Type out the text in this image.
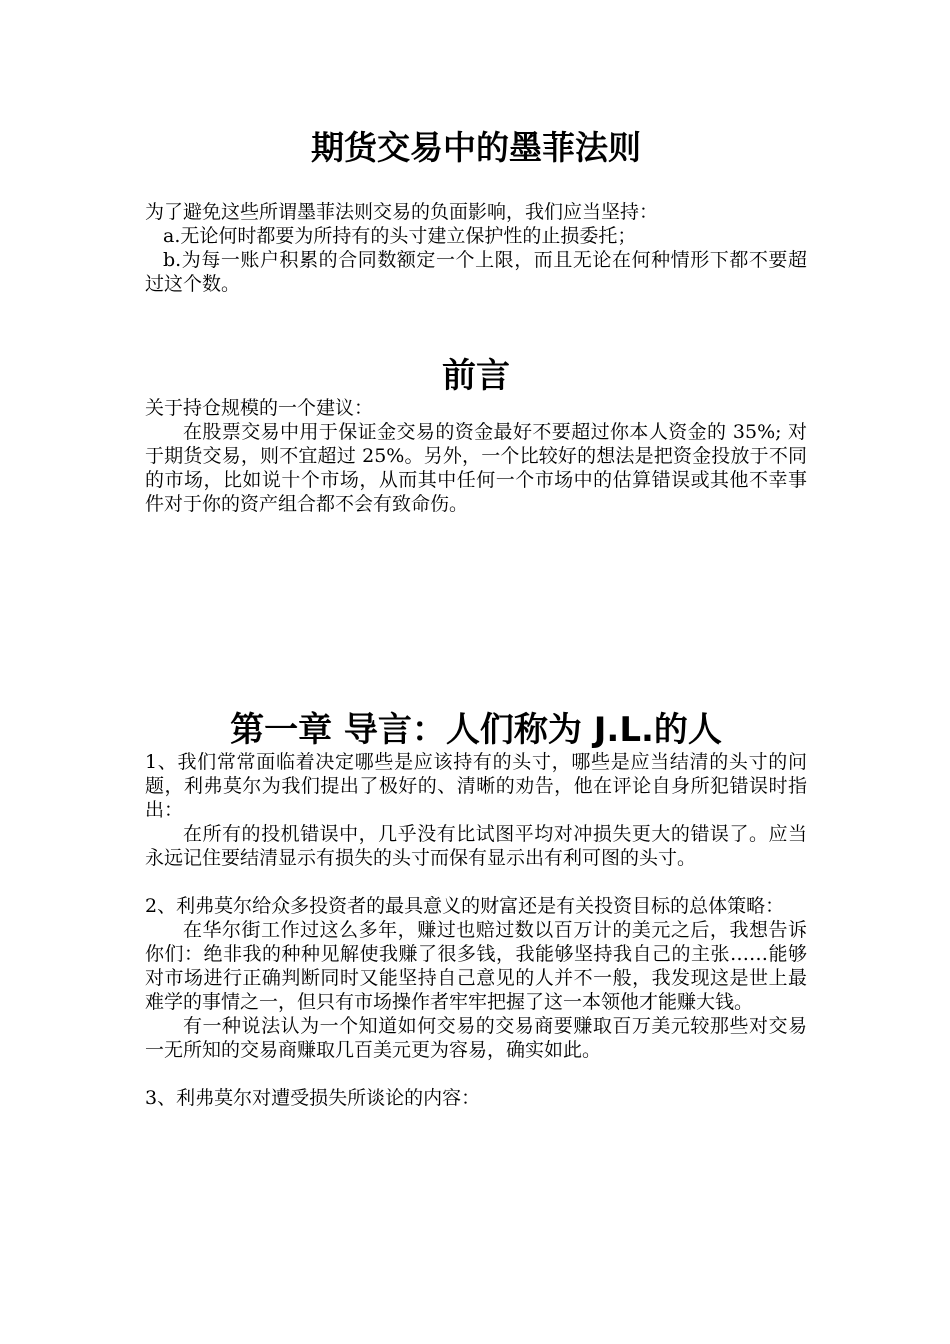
期货交易中的墨菲法则

为了避免这些所谓墨菲法则交易的负面影响，我们应当坚持：

a.无论何时都要为所持有的头寸建立保护性的止损委托；

b.为每一账户积累的合同数额定一个上限，而且无论在何种情形下都不要超过这个数。

前言

关于持仓规模的一个建议：

在股票交易中用于保证金交易的资金最好不要超过你本人资金的 35%; 对于期货交易，则不宜超过 25%。另外，一个比较好的想法是把资金投放于不同的市场，比如说十个市场，从而其中任何一个市场中的估算错误或其他不幸事件对于你的资产组合都不会有致命伤。

第一章 导言：人们称为 J.L.的人

1、我们常常面临着决定哪些是应该持有的头寸，哪些是应当结清的头寸的问题，利弗莫尔为我们提出了极好的、清晰的劝告，他在评论自身所犯错误时指出：

在所有的投机错误中，几乎没有比试图平均对冲损失更大的错误了。应当永远记住要结清显示有损失的头寸而保有显示出有利可图的头寸。

2、利弗莫尔给众多投资者的最具意义的财富还是有关投资目标的总体策略：

在华尔街工作过这么多年，赚过也赔过数以百万计的美元之后，我想告诉你们：绝非我的种种见解使我赚了很多钱，我能够坚持我自己的主张……能够对市场进行正确判断同时又能坚持自己意见的人并不一般，我发现这是世上最难学的事情之一，但只有市场操作者牢牢把握了这一本领他才能赚大钱。

有一种说法认为一个知道如何交易的交易商要赚取百万美元较那些对交易一无所知的交易商赚取几百美元更为容易，确实如此。

3、利弗莫尔对遭受损失所谈论的内容：
